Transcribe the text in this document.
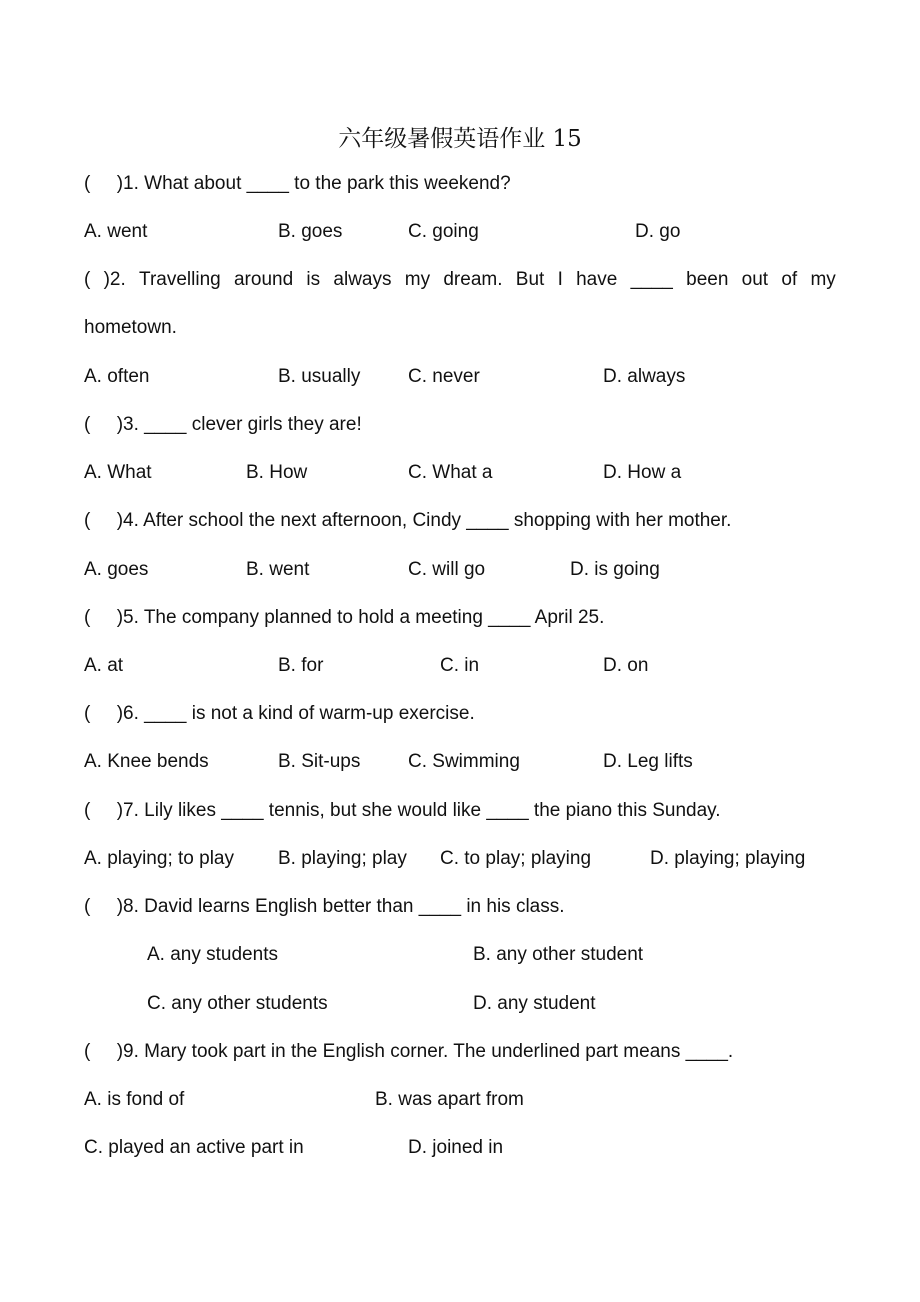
六年级暑假英语作业 15
(     )1. What about ____ to the park this weekend?
A. went	B. goes	C. going	D. go
( )2. Travelling around is always my dream. But I have ____ been out of my
hometown.
A. often	B. usually	C. never	D. always
(     )3. ____ clever girls they are!
A. What	B. How	C. What a	D. How a
(     )4. After school the next afternoon, Cindy ____ shopping with her mother.
A. goes	B. went	C. will go	D. is going
(     )5. The company planned to hold a meeting ____ April 25.
A. at	B. for	C. in	D. on
(     )6. ____ is not a kind of warm-up exercise.
A. Knee bends	B. Sit-ups	C. Swimming	D. Leg lifts
(     )7. Lily likes ____ tennis, but she would like ____ the piano this Sunday.
A. playing; to play B. playing; play C. to play; playing	D. playing; playing
(     )8. David learns English better than ____ in his class.
A. any students	B. any other student
C. any other students	D. any student
(     )9. Mary took part in the English corner. The underlined part means ____.
A. is fond of	B. was apart from
C. played an active part in	D. joined in
